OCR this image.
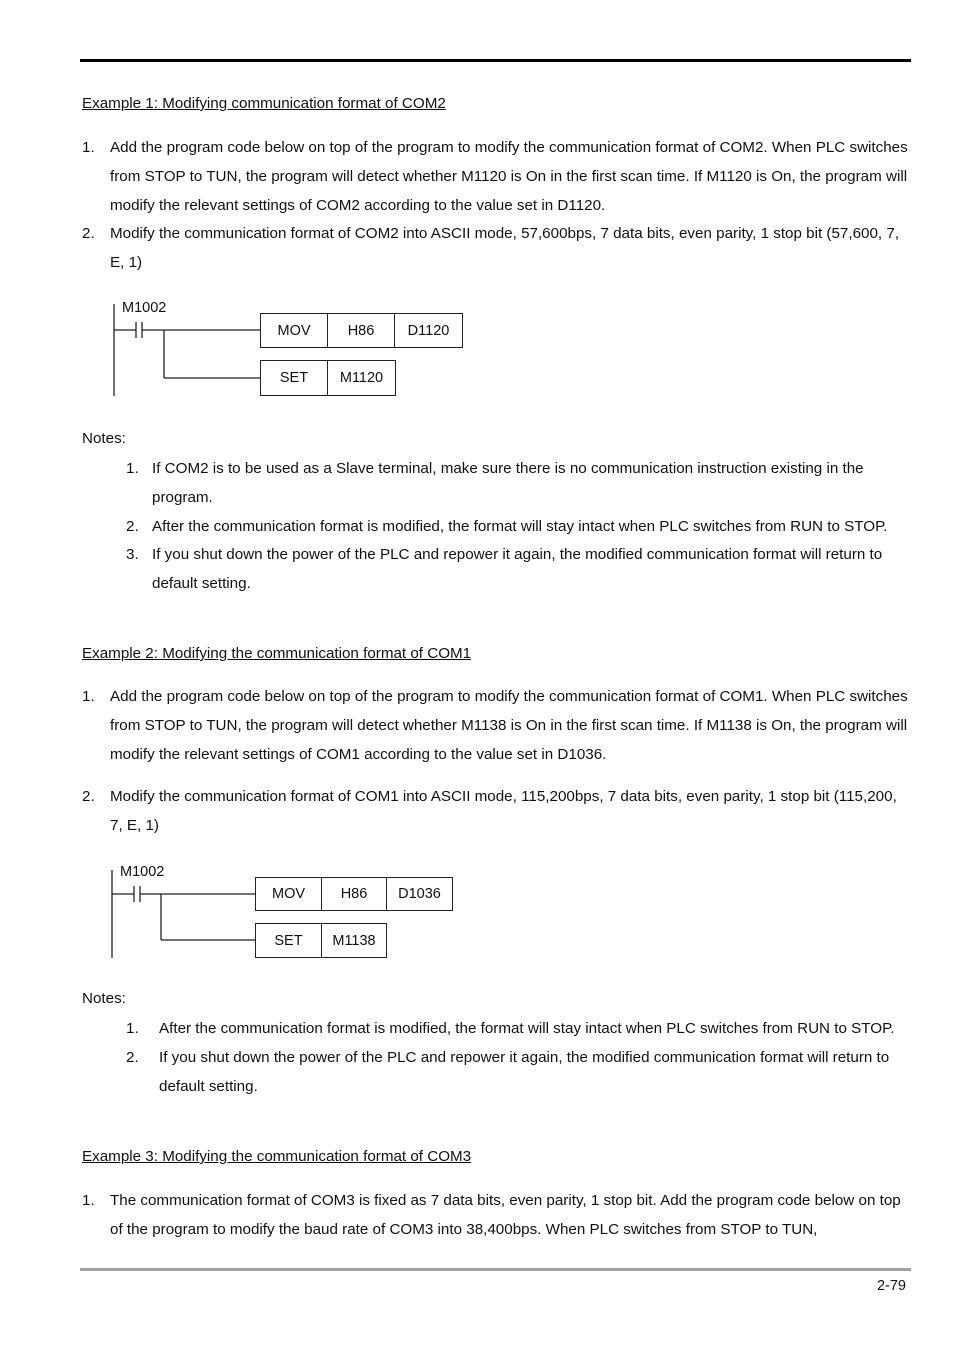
Example 1: Modifying communication format of COM2
1. Add the program code below on top of the program to modify the communication format of COM2. When PLC switches from STOP to TUN, the program will detect whether M1120 is On in the first scan time. If M1120 is On, the program will modify the relevant settings of COM2 according to the value set in D1120.
2. Modify the communication format of COM2 into ASCII mode, 57,600bps, 7 data bits, even parity, 1 stop bit (57,600, 7, E, 1)
M1002
MOV	H86	D1120
SET	M1120
Notes:
1. If COM2 is to be used as a Slave terminal, make sure there is no communication instruction existing in the program.
2. After the communication format is modified, the format will stay intact when PLC switches from RUN to STOP.
3. If you shut down the power of the PLC and repower it again, the modified communication format will return to default setting.
Example 2: Modifying the communication format of COM1
1. Add the program code below on top of the program to modify the communication format of COM1. When PLC switches from STOP to TUN, the program will detect whether M1138 is On in the first scan time. If M1138 is On, the program will modify the relevant settings of COM1 according to the value set in D1036.
2. Modify the communication format of COM1 into ASCII mode, 115,200bps, 7 data bits, even parity, 1 stop bit (115,200, 7, E, 1)
M1002
MOV	H86	D1036
SET	M1138
Notes:
1. After the communication format is modified, the format will stay intact when PLC switches from RUN to STOP.
2. If you shut down the power of the PLC and repower it again, the modified communication format will return to default setting.
Example 3: Modifying the communication format of COM3
1. The communication format of COM3 is fixed as 7 data bits, even parity, 1 stop bit. Add the program code below on top of the program to modify the baud rate of COM3 into 38,400bps. When PLC switches from STOP to TUN,
2-79
